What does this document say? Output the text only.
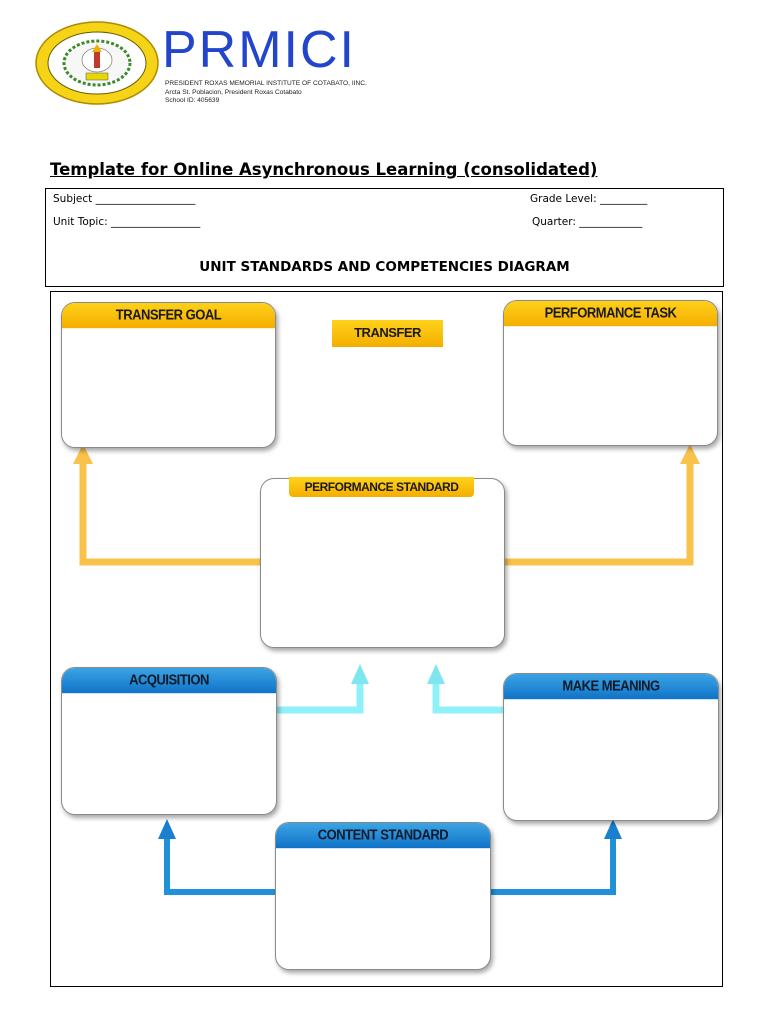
PRMICI
PRESIDENT ROXAS MEMORIAL INSTITUTE OF COTABATO, IINC.
Arcta St. Poblacion, President Roxas Cotabato
School ID: 405639
Template for Online Asynchronous Learning (consolidated)
Subject ___________________	Grade Level: _________
Unit Topic: _________________	Quarter: ____________
UNIT STANDARDS AND COMPETENCIES DIAGRAM
TRANSFER GOAL
TRANSFER
PERFORMANCE TASK
PERFORMANCE STANDARD
ACQUISITION	MAKE MEANING
CONTENT STANDARD
